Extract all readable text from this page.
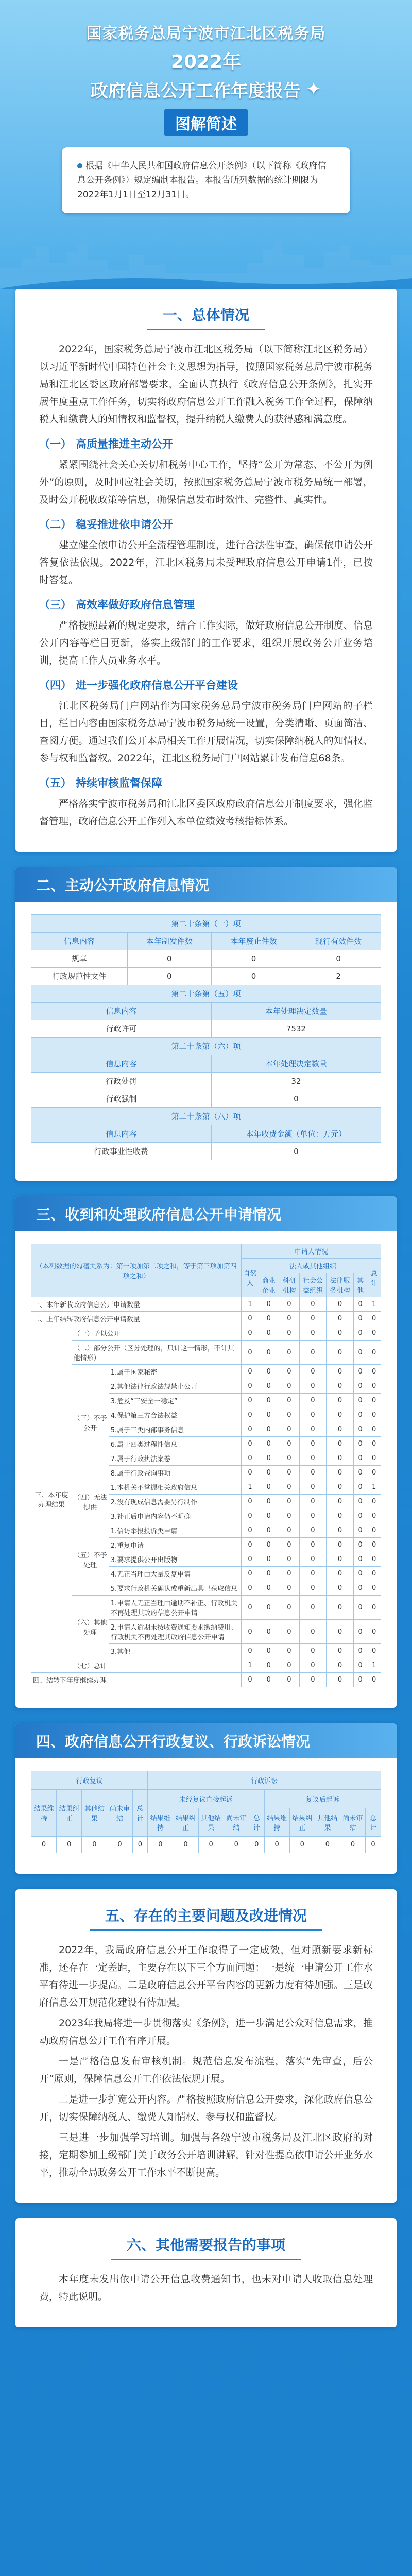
国家税务总局宁波市江北区税务局
2022年
政府信息公开工作年度报告 ✦
图解简述
根据《中华人民共和国政府信息公开条例》（以下简称《政府信息公开条例》）规定编制本报告。本报告所列数据的统计期限为2022年1月1日至12月31日。
一、总体情况

2022年，国家税务总局宁波市江北区税务局（以下简称江北区税务局）以习近平新时代中国特色社会主义思想为指导，按照国家税务总局宁波市税务局和江北区委区政府部署要求，全面认真执行《政府信息公开条例》，扎实开展年度重点工作任务，切实将政府信息公开工作融入税务工作全过程，保障纳税人和缴费人的知情权和监督权，提升纳税人缴费人的获得感和满意度。

（一） 高质量推进主动公开

紧紧围绕社会关心关切和税务中心工作，坚持“公开为常态、不公开为例外”的原则，及时回应社会关切，按照国家税务总局宁波市税务局统一部署，及时公开税收政策等信息，确保信息发布时效性、完整性、真实性。

（二） 稳妥推进依申请公开

建立健全依申请公开全流程管理制度，进行合法性审查，确保依申请公开答复依法依规。2022年，江北区税务局未受理政府信息公开申请1件，已按时答复。

（三） 高效率做好政府信息管理

严格按照最新的规定要求，结合工作实际，做好政府信息公开制度、信息公开内容等栏目更新，落实上级部门的工作要求，组织开展政务公开业务培训，提高工作人员业务水平。

（四） 进一步强化政府信息公开平台建设

江北区税务局门户网站作为国家税务总局宁波市税务局门户网站的子栏目，栏目内容由国家税务总局宁波市税务局统一设置，分类清晰、页面简洁、查阅方便。通过我们公开本局相关工作开展情况，切实保障纳税人的知情权、参与权和监督权。2022年，江北区税务局门户网站累计发布信息68条。

（五） 持续审核监督保障

严格落实宁波市税务局和江北区委区政府政府信息公开制度要求，强化监督管理，政府信息公开工作列入本单位绩效考核指标体系。

二、主动公开政府信息情况
第二十条第（一）项			
信息内容	本年制发件数	本年废止件数	现行有效件数
规章	0	0	0
行政规范性文件	0	0	2
第二十条第（五）项			
信息内容		本年处理决定数量	
行政许可		7532	
第二十条第（六）项			
信息内容		本年处理决定数量	
行政处罚		32	
行政强制		0	
第二十条第（八）项			
信息内容		本年收费金额（单位：万元）	
行政事业性收费		0	
三、收到和处理政府信息公开申请情况
（本列数据的勾稽关系为：第一项加第二项之和，等于第三项加第四项之和）			申请人情况						
			自然人	法人或其他组织					总计
				商业企业	科研机构	社会公益组织	法律服务机构	其他	
一、本年新收政府信息公开申请数量			1	0	0	0	0	0	1
二、上年结转政府信息公开申请数量			0	0	0	0	0	0	0
三、本年度办理结果	（一）予以公开		0	0	0	0	0	0	0
	（二）部分公开（区分处理的，只计这一情形，不计其他情形）		0	0	0	0	0	0	0
	（三）不予公开	1.属于国家秘密	0	0	0	0	0	0	0
		2.其他法律行政法规禁止公开	0	0	0	0	0	0	0
		3.危及“三安全一稳定”	0	0	0	0	0	0	0
		4.保护第三方合法权益	0	0	0	0	0	0	0
		5.属于三类内部事务信息	0	0	0	0	0	0	0
		6.属于四类过程性信息	0	0	0	0	0	0	0
		7.属于行政执法案卷	0	0	0	0	0	0	0
		8.属于行政查询事项	0	0	0	0	0	0	0
	（四）无法提供	1.本机关不掌握相关政府信息	1	0	0	0	0	0	1
		2.没有现成信息需要另行制作	0	0	0	0	0	0	0
		3.补正后申请内容仍不明确	0	0	0	0	0	0	0
	（五）不予处理	1.信访举报投诉类申请	0	0	0	0	0	0	0
		2.重复申请	0	0	0	0	0	0	0
		3.要求提供公开出版物	0	0	0	0	0	0	0
		4.无正当理由大量反复申请	0	0	0	0	0	0	0
		5.要求行政机关确认或重新出具已获取信息	0	0	0	0	0	0	0
	（六）其他处理	1.申请人无正当理由逾期不补正、行政机关不再处理其政府信息公开申请	0	0	0	0	0	0	0
		2.申请人逾期未按收费通知要求缴纳费用、行政机关不再处理其政府信息公开申请	0	0	0	0	0	0	0
		3.其他	0	0	0	0	0	0	0
	（七）总计		1	0	0	0	0	0	1
四、结转下年度继续办理			0	0	0	0	0	0	0
四、政府信息公开行政复议、行政诉讼情况
行政复议					行政诉讼									
结果维持	结果纠正	其他结果	尚未审结	总计	未经复议直接起诉					复议后起诉				
					结果维持	结果纠正	其他结果	尚未审结	总计	结果维持	结果纠正	其他结果	尚未审结	总计
0	0	0	0	0	0	0	0	0	0	0	0	0	0	0
五、存在的主要问题及改进情况

2022年，我局政府信息公开工作取得了一定成效，但对照新要求新标准，还存在一定差距，主要存在以下三个方面问题：一是统一申请公开工作水平有待进一步提高。二是政府信息公开平台内容的更新力度有待加强。三是政府信息公开规范化建设有待加强。

2023年我局将进一步贯彻落实《条例》，进一步满足公众对信息需求，推动政府信息公开工作有序开展。

一是严格信息发布审核机制。规范信息发布流程，落实“先审查，后公开”原则，保障信息公开工作依法依规开展。

二是进一步扩宽公开内容。严格按照政府信息公开要求，深化政府信息公开，切实保障纳税人、缴费人知情权、参与权和监督权。

三是进一步加强学习培训。加强与各级宁波市税务局及江北区政府的对接，定期参加上级部门关于政务公开培训讲解，针对性提高依申请公开业务水平，推动全局政务公开工作水平不断提高。

六、其他需要报告的事项

本年度未发出依申请公开信息收费通知书，也未对申请人收取信息处理费，特此说明。
